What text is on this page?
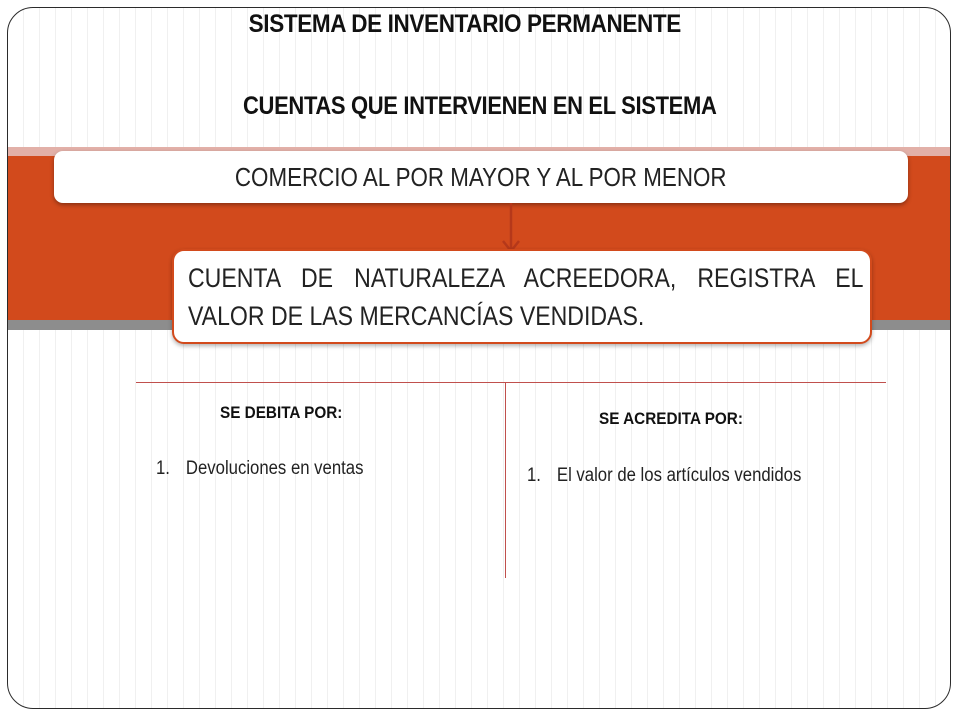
SISTEMA DE INVENTARIO PERMANENTE
CUENTAS QUE INTERVIENEN EN EL SISTEMA
COMERCIO AL POR MAYOR Y AL POR MENOR
CUENTA DE NATURALEZA ACREEDORA, REGISTRA EL VALOR DE LAS MERCANCÍAS VENDIDAS.
SE DEBITA POR:
1. Devoluciones en ventas
SE ACREDITA POR:
1. El valor de los artículos vendidos
